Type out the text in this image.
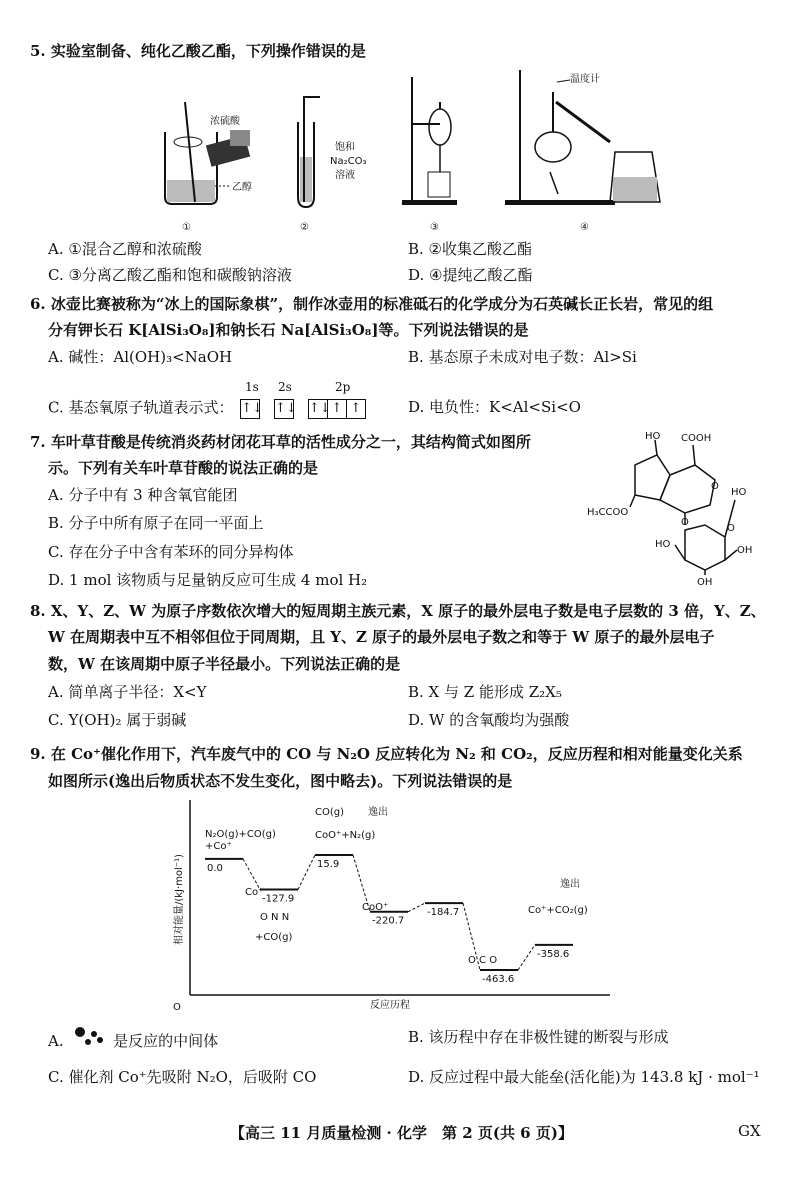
5. 实验室制备、纯化乙酸乙酯，下列操作错误的是
浓硫酸
乙醇
①
饱和
Na₂CO₃
溶液
②	③
温度计
④
A. ①混合乙醇和浓硫酸	B. ②收集乙酸乙酯
C. ③分离乙酸乙酯和饱和碳酸钠溶液	D. ④提纯乙酸乙酯
6. 冰壶比赛被称为“冰上的国际象棋”，制作冰壶用的标准砥石的化学成分为石英碱长正长岩，常见的组
分有钾长石 K[AlSi₃O₈]和钠长石 Na[AlSi₃O₈]等。下列说法错误的是
A. 碱性：Al(OH)₃<NaOH	B. 基态原子未成对电子数：Al>Si
1s 2s	2p
C. 基态氧原子轨道表示式： ↑↓ ↑↓ ↑↓↑ ↑	D. 电负性：K<Al<Si<O
7. 车叶草苷酸是传统消炎药材闭花耳草的活性成分之一，其结构简式如图所
示。下列有关车叶草苷酸的说法正确的是
A. 分子中有 3 种含氧官能团
B. 分子中所有原子在同一平面上
C. 存在分子中含有苯环的同分异构体
D. 1 mol 该物质与足量钠反应可生成 4 mol H₂
HO COOH
H₃CCOO
O
O
O
HO
HO
OH
OH
8. X、Y、Z、W 为原子序数依次增大的短周期主族元素，X 原子的最外层电子数是电子层数的 3 倍，Y、Z、
W 在周期表中互不相邻但位于同周期，且 Y、Z 原子的最外层电子数之和等于 W 原子的最外层电子
数，W 在该周期中原子半径最小。下列说法正确的是
A. 简单离子半径：X<Y	B. X 与 Z 能形成 Z₂X₅
C. Y(OH)₂ 属于弱碱	D. W 的含氧酸均为强酸
9. 在 Co⁺催化作用下，汽车废气中的 CO 与 N₂O 反应转化为 N₂ 和 CO₂，反应历程和相对能量变化关系
如图所示(逸出后物质状态不发生变化，图中略去)。下列说法错误的是
O	反应历程
相对能量/(kJ·mol⁻¹) 0.0
-127.9
15.9
-220.7
-184.7
-463.6
-358.6
N₂O(g)+CO(g)
+Co⁺
CO(g) 逸出
CoO⁺+N₂(g)
逸出
Co⁺+CO₂(g)
Co⁺
O N N
+CO(g)
CoO⁺
O C O
A.	是反应的中间体	B. 该历程中存在非极性键的断裂与形成
C. 催化剂 Co⁺先吸附 N₂O，后吸附 CO	D. 反应过程中最大能垒(活化能)为 143.8 kJ · mol⁻¹
【高三 11 月质量检测 · 化学　第 2 页(共 6 页)】	GX
